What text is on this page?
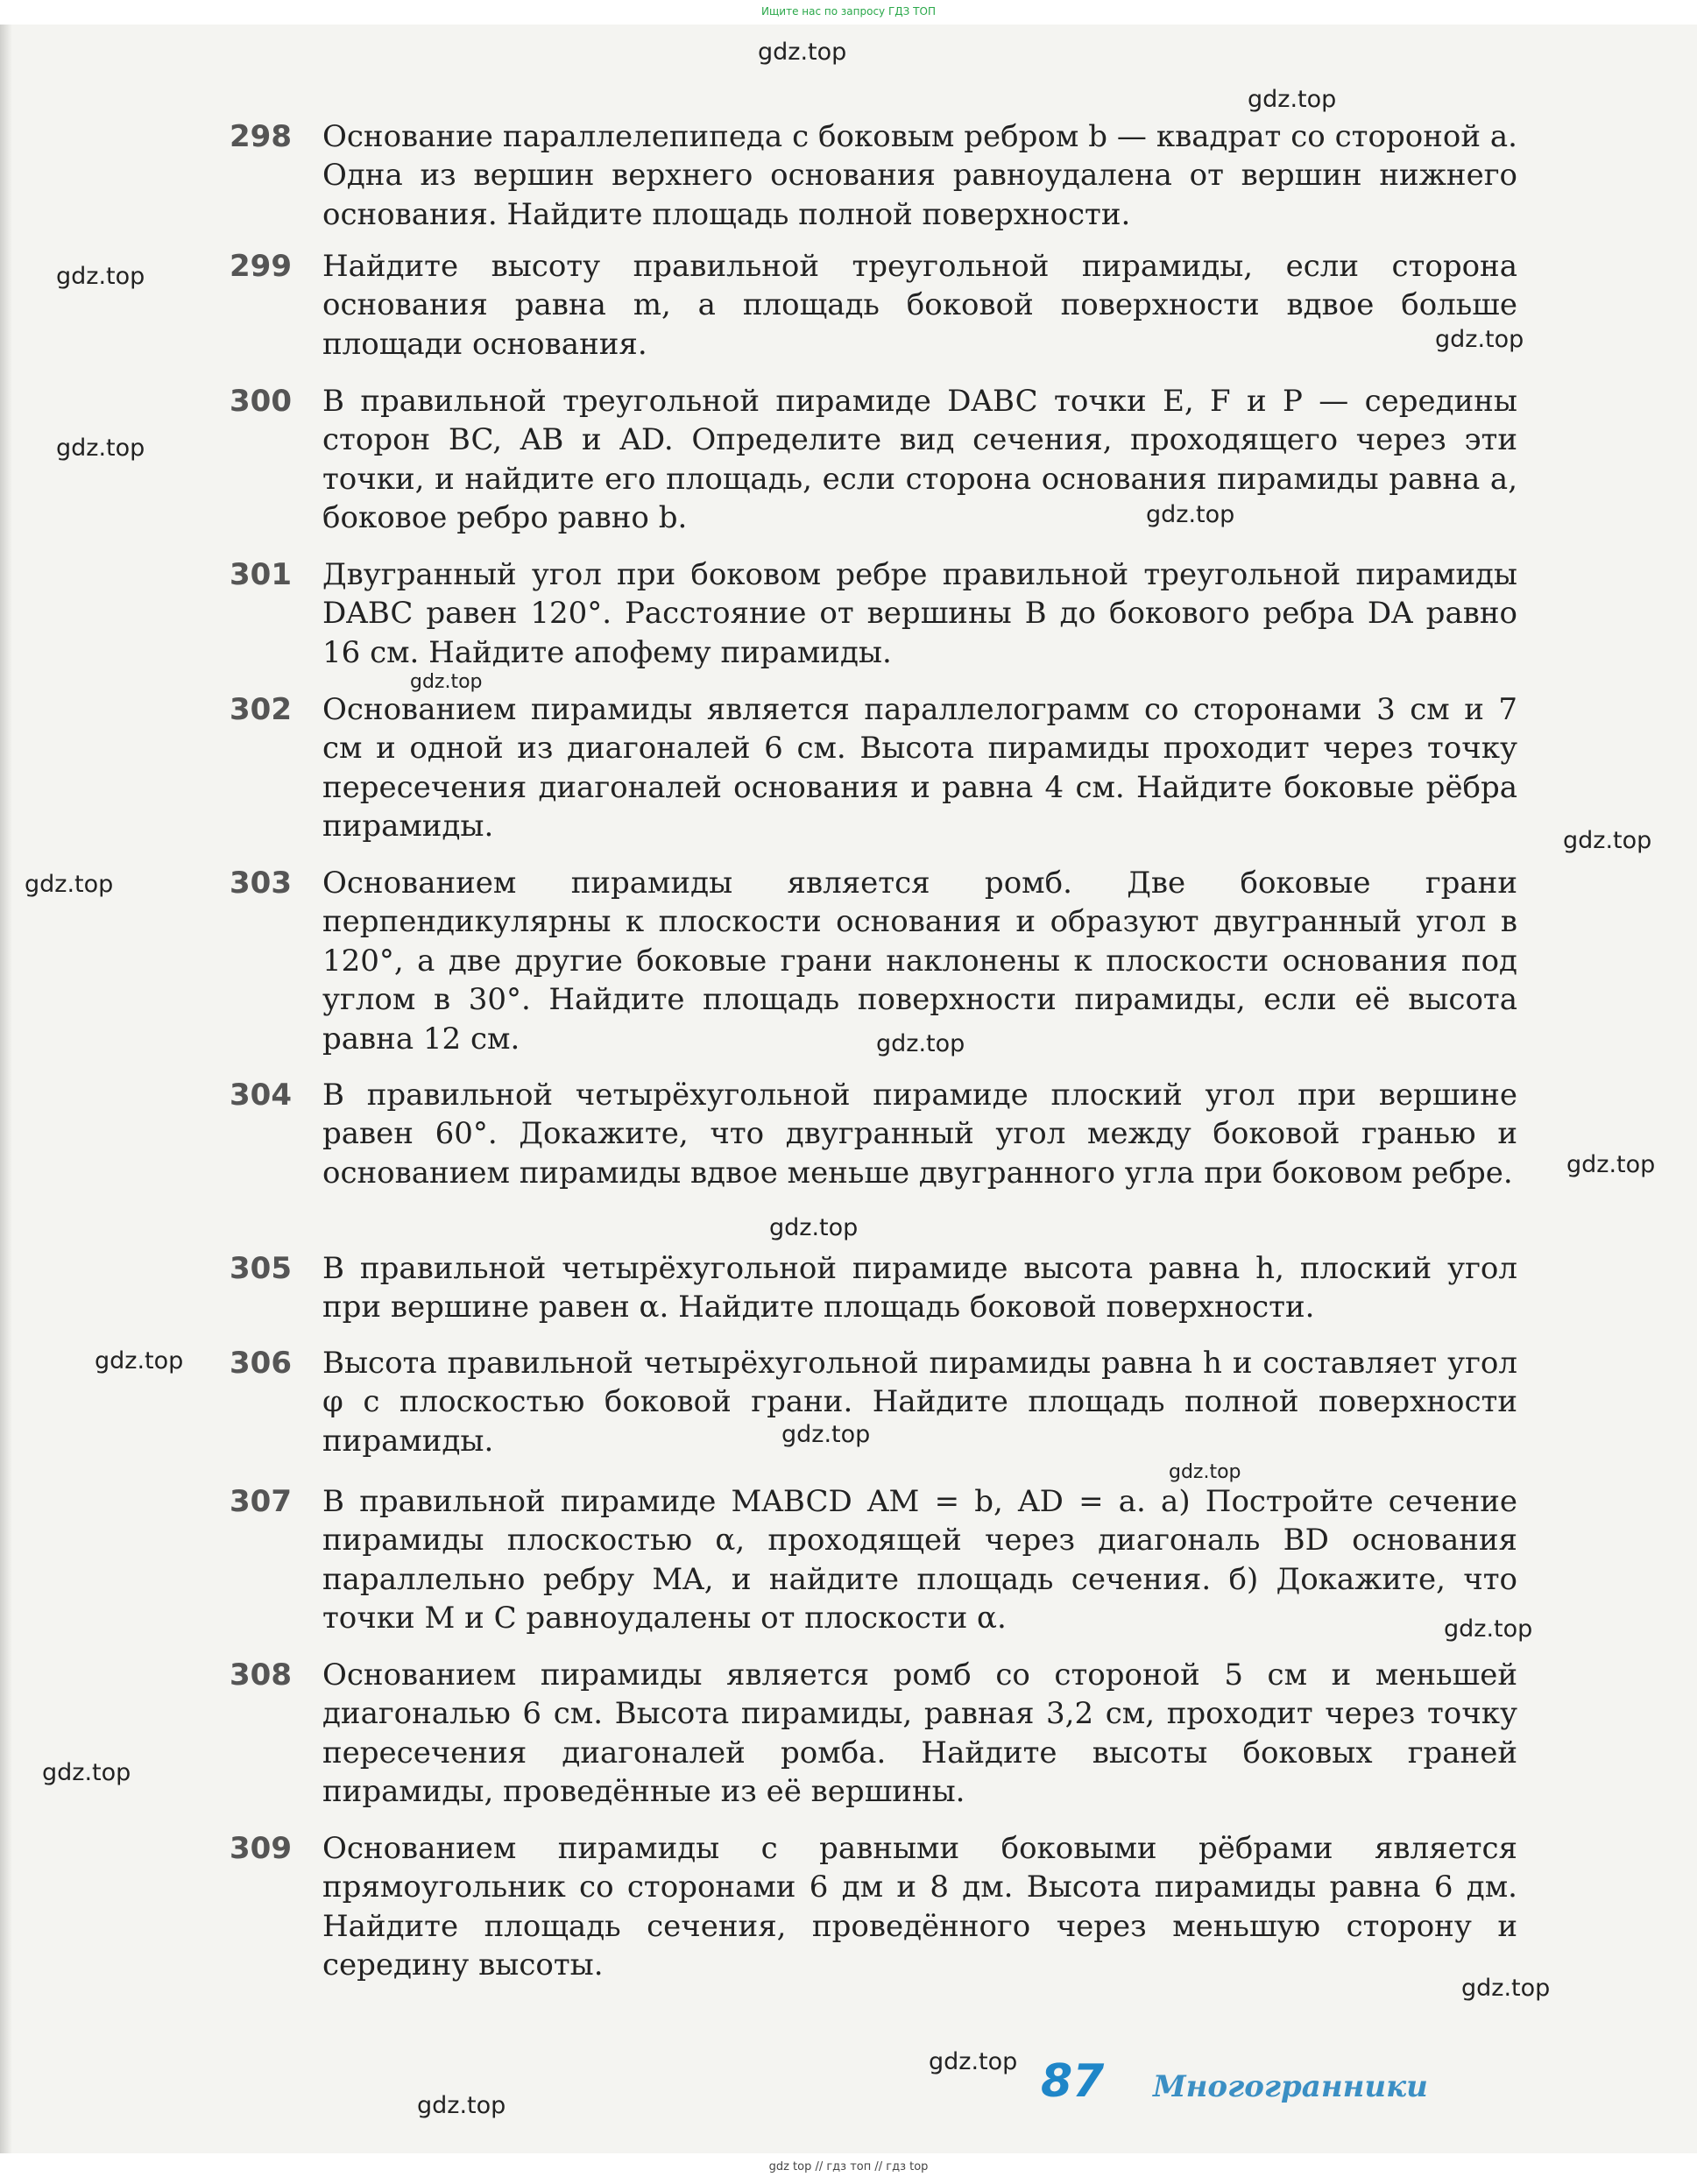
Ищите нас по запросу ГДЗ ТОП
298 Основание параллелепипеда с боковым ребром b — квадрат со стороной a. Одна из вершин верхнего основания равноудалена от вершин нижнего основания. Найдите площадь полной поверхности.
299 Найдите высоту правильной треугольной пирамиды, если сторона основания равна m, а площадь боковой поверхности вдвое больше площади основания.
300 В правильной треугольной пирамиде DABC точки E, F и P — середины сторон BC, AB и AD. Определите вид сечения, проходящего через эти точки, и найдите его площадь, если сторона основания пирамиды равна a, боковое ребро равно b.
301 Двугранный угол при боковом ребре правильной треугольной пирамиды DABC равен 120°. Расстояние от вершины B до бокового ребра DA равно 16 см. Найдите апофему пирамиды.
302 Основанием пирамиды является параллелограмм со сторонами 3 см и 7 см и одной из диагоналей 6 см. Высота пирамиды проходит через точку пересечения диагоналей основания и равна 4 см. Найдите боковые рёбра пирамиды.
303 Основанием пирамиды является ромб. Две боковые грани перпендикулярны к плоскости основания и образуют двугранный угол в 120°, а две другие боковые грани наклонены к плоскости основания под углом в 30°. Найдите площадь поверхности пирамиды, если её высота равна 12 см.
304 В правильной четырёхугольной пирамиде плоский угол при вершине равен 60°. Докажите, что двугранный угол между боковой гранью и основанием пирамиды вдвое меньше двугранного угла при боковом ребре.
305 В правильной четырёхугольной пирамиде высота равна h, плоский угол при вершине равен α. Найдите площадь боковой поверхности.
306 Высота правильной четырёхугольной пирамиды равна h и составляет угол φ с плоскостью боковой грани. Найдите площадь полной поверхности пирамиды.
307 В правильной пирамиде MABCD AM = b, AD = a. а) Постройте сечение пирамиды плоскостью α, проходящей через диагональ BD основания параллельно ребру MA, и найдите площадь сечения. б) Докажите, что точки M и C равноудалены от плоскости α.
308 Основанием пирамиды является ромб со стороной 5 см и меньшей диагональю 6 см. Высота пирамиды, равная 3,2 см, проходит через точку пересечения диагоналей ромба. Найдите высоты боковых граней пирамиды, проведённые из её вершины.
309 Основанием пирамиды с равными боковыми рёбрами является прямоугольник со сторонами 6 дм и 8 дм. Высота пирамиды равна 6 дм. Найдите площадь сечения, проведённого через меньшую сторону и середину высоты.
87 Многогранники
gdz.top
gdz.top
gdz.top
gdz.top
gdz.top
gdz.top
gdz.top
gdz.top
gdz.top
gdz.top
gdz.top
gdz.top
gdz.top
gdz.top
gdz.top
gdz.top
gdz.top
gdz.top
gdz.top
gdz.top
gdz top // гдз топ // гдз top
